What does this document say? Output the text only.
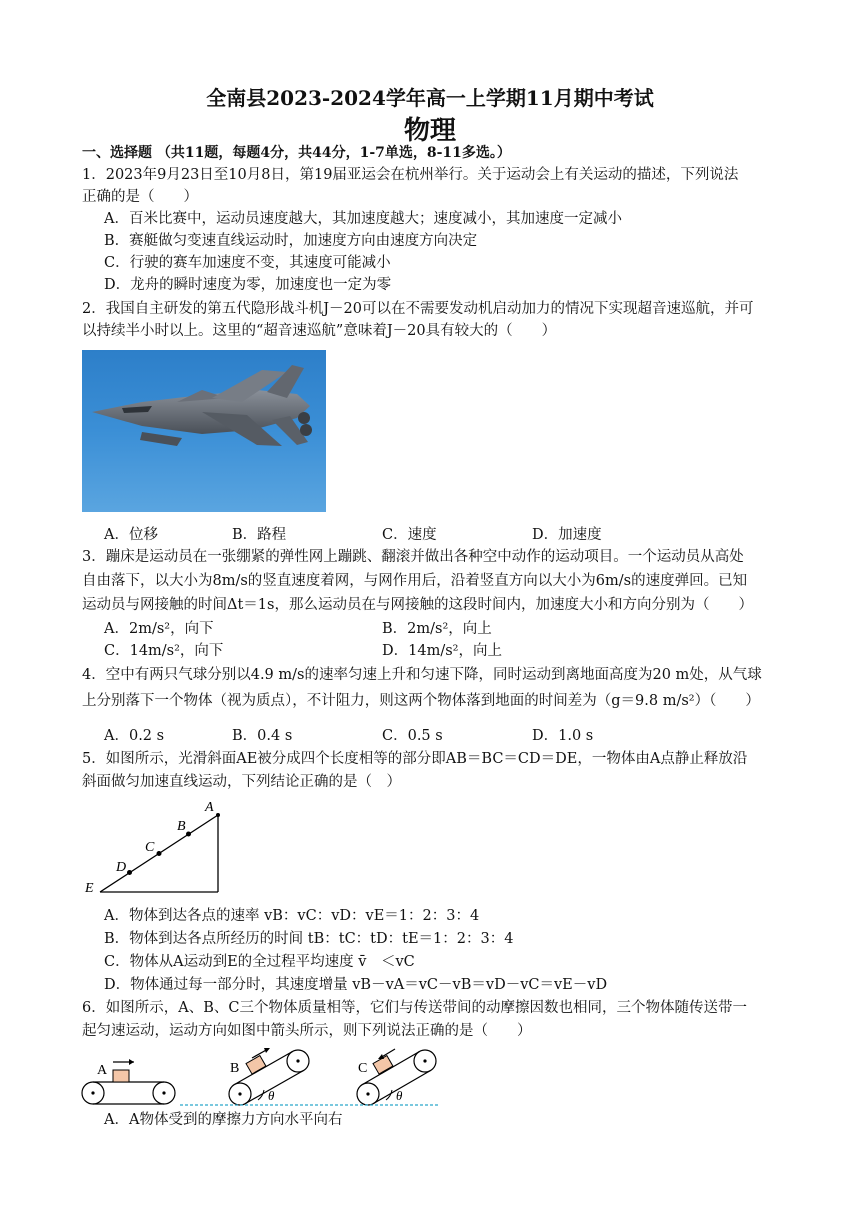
全南县2023-2024学年高一上学期11月期中考试
物理
一、选择题 （共11题，每题4分，共44分，1-7单选，8-11多选。）
1．2023年9月23日至10月8日，第19届亚运会在杭州举行。关于运动会上有关运动的描述，下列说法
正确的是（　　）
A．百米比赛中，运动员速度越大，其加速度越大；速度减小，其加速度一定减小
B．赛艇做匀变速直线运动时，加速度方向由速度方向决定
C．行驶的赛车加速度不变，其速度可能减小
D．龙舟的瞬时速度为零，加速度也一定为零
2．我国自主研发的第五代隐形战斗机J－20可以在不需要发动机启动加力的情况下实现超音速巡航，并可
以持续半小时以上。这里的“超音速巡航”意味着J－20具有较大的（　　）
A．位移	B．路程	C．速度	D．加速度
3．蹦床是运动员在一张绷紧的弹性网上蹦跳、翻滚并做出各种空中动作的运动项目。一个运动员从高处
自由落下，以大小为8m/s的竖直速度着网，与网作用后，沿着竖直方向以大小为6m/s的速度弹回。已知
运动员与网接触的时间Δt＝1s，那么运动员在与网接触的这段时间内，加速度大小和方向分别为（　　）
A．2m/s²，向下	B．2m/s²，向上
C．14m/s²，向下	D．14m/s²，向上
4．空中有两只气球分别以4.9 m/s的速率匀速上升和匀速下降，同时运动到离地面高度为20 m处，从气球
上分别落下一个物体（视为质点），不计阻力，则这两个物体落到地面的时间差为（g＝9.8 m/s²）（　　）
A．0.2 s	B．0.4 s	C．0.5 s	D．1.0 s
5．如图所示，光滑斜面AE被分成四个长度相等的部分即AB＝BC＝CD＝DE，一物体由A点静止释放沿
斜面做匀加速直线运动，下列结论正确的是（　）
A
B
C
D
E
A．物体到达各点的速率 vB：vC：vD：vE＝1：2：3：4
B．物体到达各点所经历的时间 tB：tC：tD：tE＝1：2：3：4
C．物体从A运动到E的全过程平均速度 v̄　＜vC
D．物体通过每一部分时，其速度增量 vB－vA＝vC－vB＝vD－vC＝vE－vD
6．如图所示，A、B、C三个物体质量相等，它们与传送带间的动摩擦因数也相同，三个物体随传送带一
起匀速运动，运动方向如图中箭头所示，则下列说法正确的是（　　）
A
θ
B
θ
C
A．A物体受到的摩擦力方向水平向右
